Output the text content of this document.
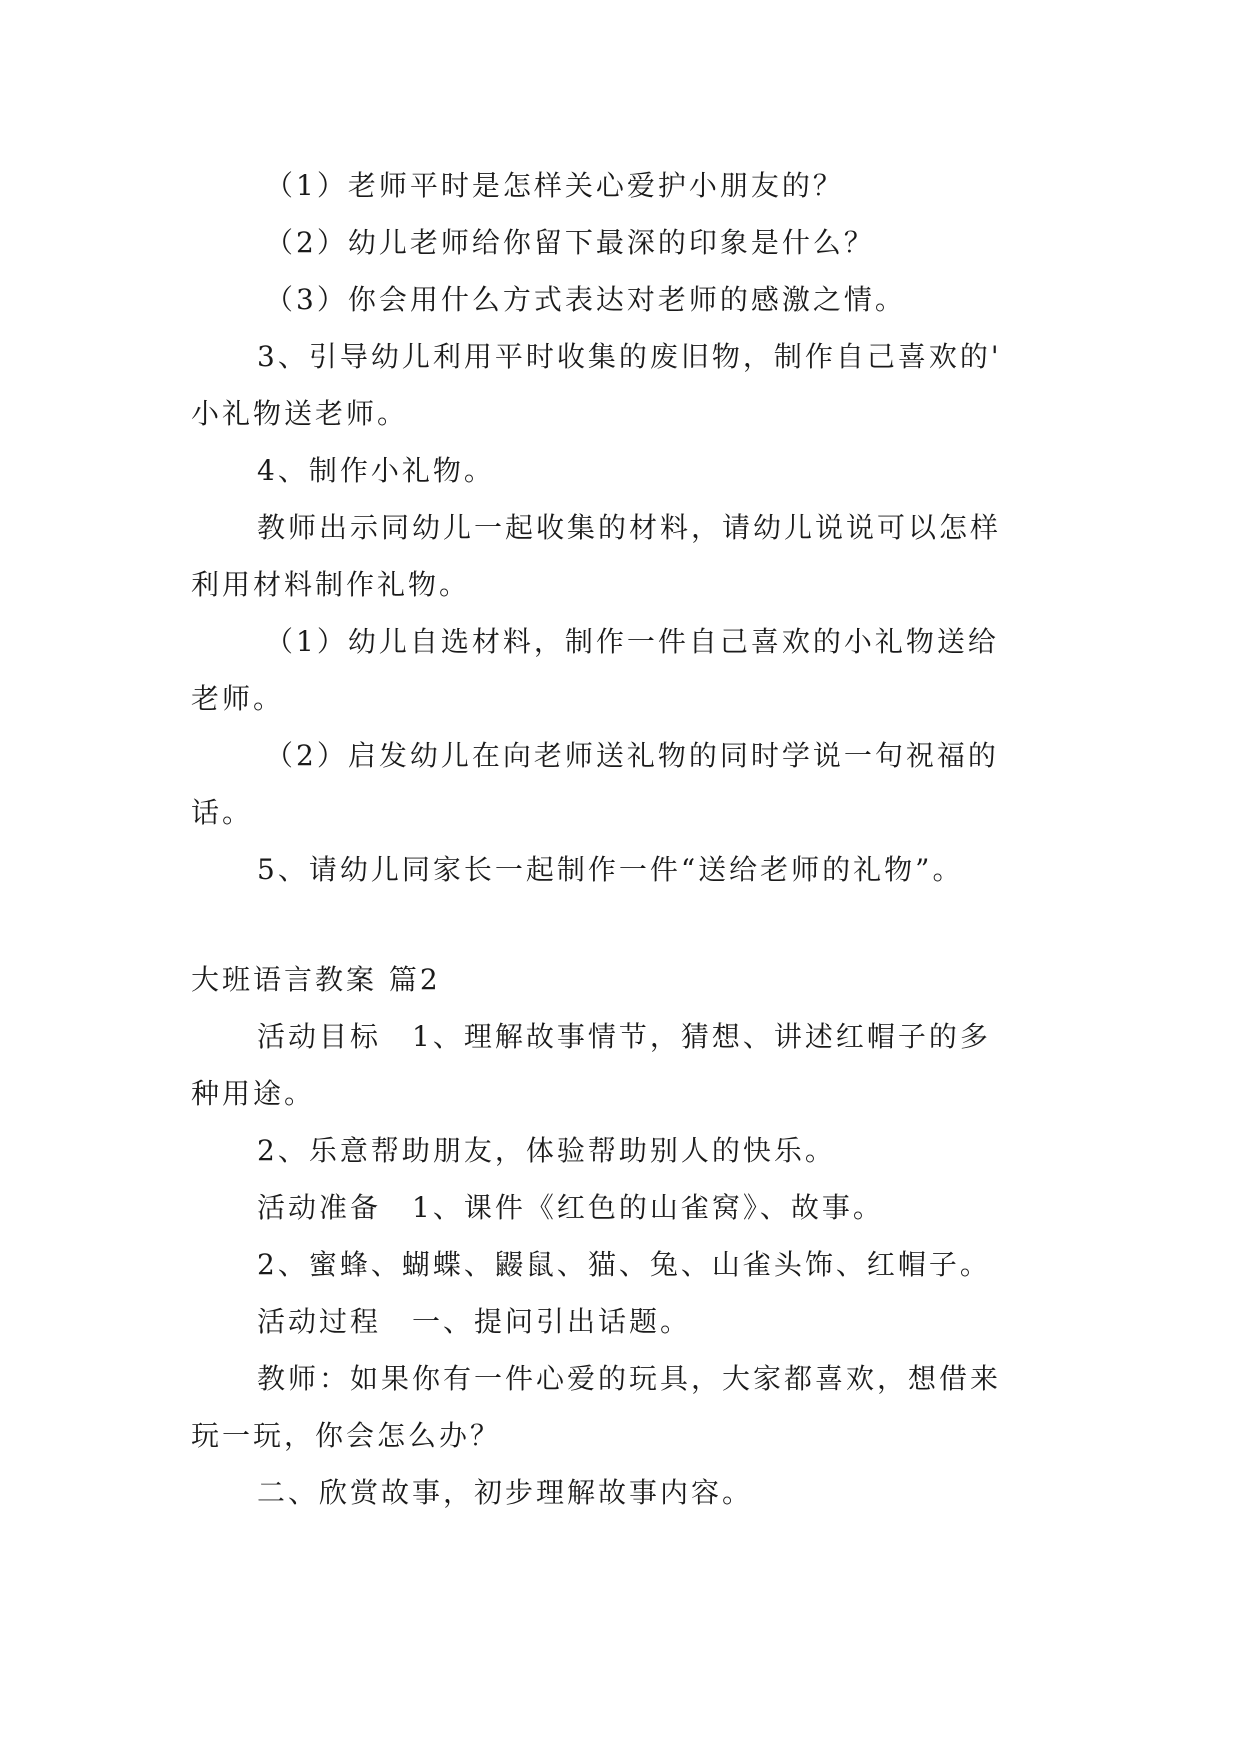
（1）老师平时是怎样关心爱护小朋友的？
（2）幼儿老师给你留下最深的印象是什么？
（3）你会用什么方式表达对老师的感激之情。
3、引导幼儿利用平时收集的废旧物，制作自己喜欢的'
小礼物送老师。
4、制作小礼物。
教师出示同幼儿一起收集的材料，请幼儿说说可以怎样
利用材料制作礼物。
（1）幼儿自选材料，制作一件自己喜欢的小礼物送给
老师。
（2）启发幼儿在向老师送礼物的同时学说一句祝福的
话。
5、请幼儿同家长一起制作一件“送给老师的礼物”。
大班语言教案 篇2
活动目标　1、理解故事情节，猜想、讲述红帽子的多
种用途。
2、乐意帮助朋友，体验帮助别人的快乐。
活动准备　1、课件《红色的山雀窝》、故事。
2、蜜蜂、蝴蝶、鼹鼠、猫、兔、山雀头饰、红帽子。
活动过程　一、提问引出话题。
教师：如果你有一件心爱的玩具，大家都喜欢，想借来
玩一玩，你会怎么办？
二、欣赏故事，初步理解故事内容。
